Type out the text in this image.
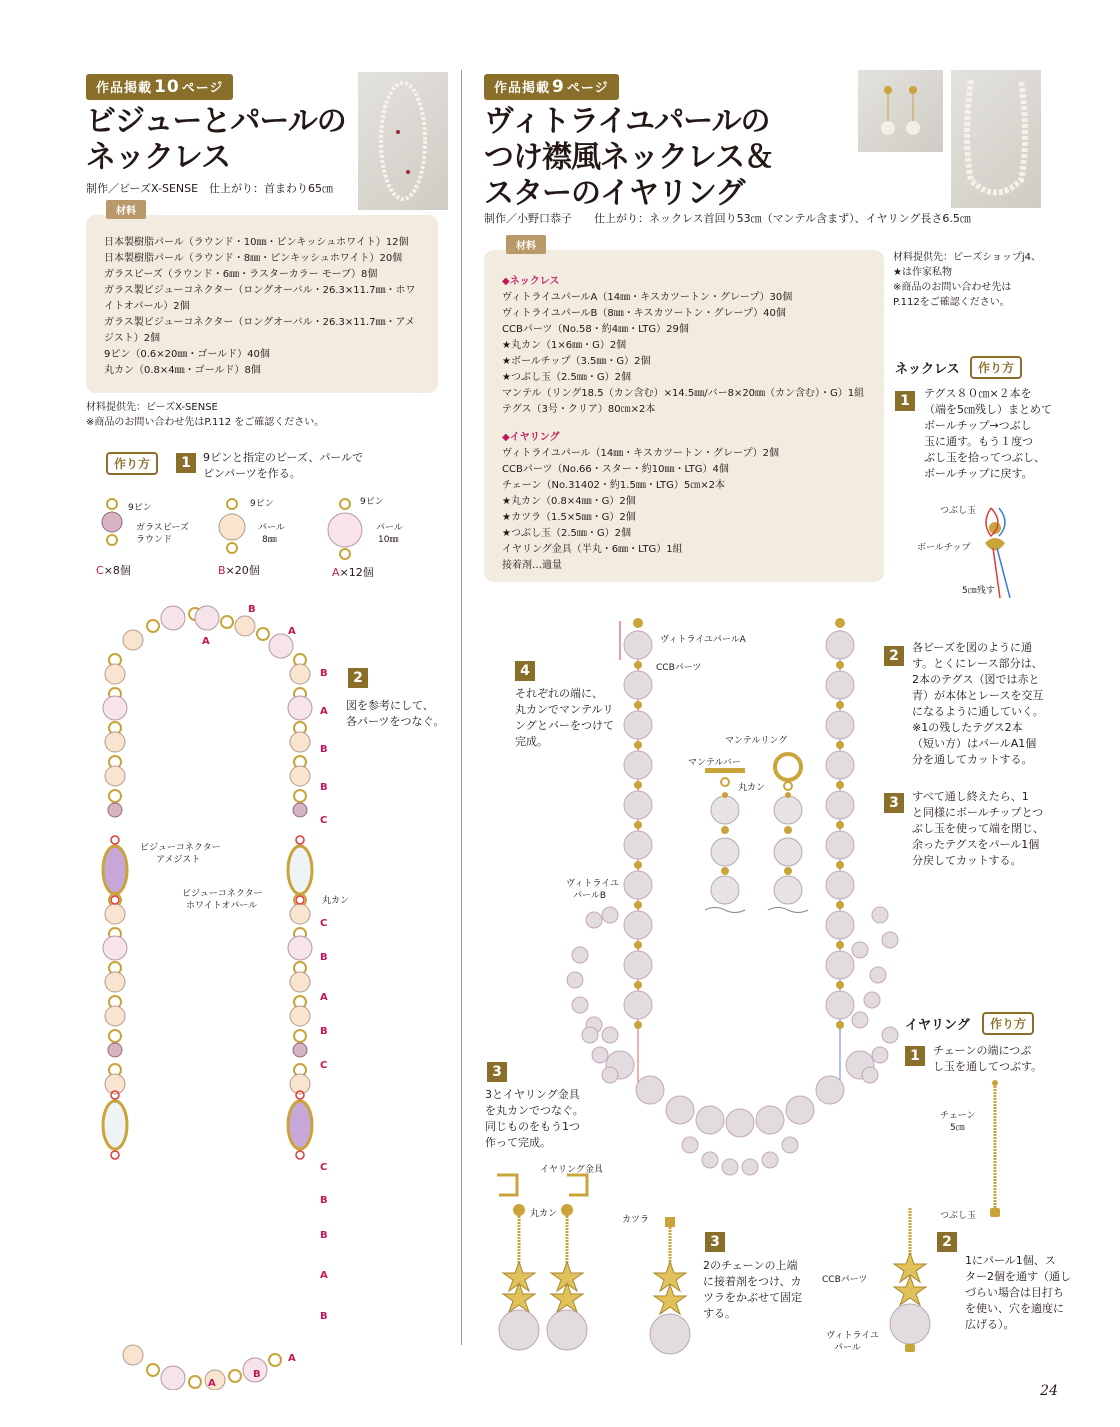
作品掲載 10 ページ
ビジューとパールの
ネックレス
制作／ビーズX-SENSE　仕上がり：首まわり65㎝
材料
日本製樹脂パール（ラウンド・10㎜・ピンキッシュホワイト）12個
日本製樹脂パール（ラウンド・8㎜・ピンキッシュホワイト）20個
ガラスビーズ（ラウンド・6㎜・ラスターカラー モーブ）8個
ガラス製ビジューコネクター（ロングオーバル・26.3×11.7㎜・ホワ
イトオパール）2個
ガラス製ビジューコネクター（ロングオーバル・26.3×11.7㎜・アメ
ジスト）2個
9ピン（0.6×20㎜・ゴールド）40個
丸カン（0.8×4㎜・ゴールド）8個
材料提供先：ビーズX-SENSE
※商品のお問い合わせ先はP.112 をご確認ください。
作り方	1	9ピンと指定のビーズ、パールで
ピンパーツを作る。
9ピン
ガラスビーズ
ラウンド
C×8個
9ピン
パール
8㎜
B×20個
9ピン
パール
10㎜
A×12個
ビジューコネクター
アメジスト
ビジューコネクター
ホワイトオパール	丸カン
2
図を参考にして、
各パーツをつなぐ。
B
A
A
B
A
B
B
C
C
B
A
B
C
C
B
B
A
B
A
A
B
作品掲載 9 ページ
ヴィトライユパールの
つけ襟風ネックレス＆
スターのイヤリング
制作／小野口恭子　　仕上がり：ネックレス首回り53㎝（マンテル含まず）、イヤリング長さ6.5㎝
材料
◆ネックレス
ヴィトライユパールA（14㎜・キスカツートン・グレープ）30個
ヴィトライユパールB（8㎜・キスカツートン・グレープ）40個
CCBパーツ（No.58・約4㎜・LTG）29個
★丸カン（1×6㎜・G）2個
★ボールチップ（3.5㎜・G）2個
★つぶし玉（2.5㎜・G）2個
マンテル（リング18.5（カン含む）×14.5㎜/バー8×20㎜（カン含む）・G）1組
テグス（3号・クリア）80㎝×2本
◆イヤリング
ヴィトライユパール（14㎜・キスカツートン・グレープ）2個
CCBパーツ（No.66・スター・約10㎜・LTG）4個
チェーン（No.31402・約1.5㎜・LTG）5㎝×2本
★丸カン（0.8×4㎜・G）2個
★カツラ（1.5×5㎜・G）2個
★つぶし玉（2.5㎜・G）2個
イヤリング金具（半丸・6㎜・LTG）1組
接着剤…適量
材料提供先：ビーズショップj4、
★は作家私物
※商品のお問い合わせ先は
P.112をご確認ください。
ネックレス	作り方
1	テグス８０㎝×２本を
（端を5㎝残し）まとめて
ボールチップ→つぶし
玉に通す。もう１度つ
ぶし玉を拾ってつぶし、
ボールチップに戻す。
つぶし玉
ボールチップ
5㎝残す
2
各ビーズを図のように通
す。とくにレース部分は、
2本のテグス（図では赤と
青）が本体とレースを交互
になるように通していく。
※1の残したテグス2本
（短い方）はパールA1個
分を通してカットする。
3	すべて通し終えたら、1
と同様にボールチップとつ
ぶし玉を使って端を閉じ、
余ったテグスをパール1個
分戻してカットする。
4
それぞれの端に、
丸カンでマンテルリ
ングとバーをつけて
完成。
ヴィトライユパールA
CCBパーツ
マンテルリング
マンテルバー
丸カン
ヴィトライユ
パールB
イヤリング	作り方
1	チェーンの端につぶ
し玉を通してつぶす。
チェーン
5㎝
つぶし玉
2
1にパール1個、ス
ター2個を通す（通し
づらい場合は目打ち
を使い、穴を適度に
広げる）。
CCBパーツ
ヴィトライユ
パール
3
2のチェーンの上端
に接着剤をつけ、カ
ツラをかぶせて固定
する。
カツラ
3
3とイヤリング金具
を丸カンでつなぐ。
同じものをもう1つ
作って完成。
イヤリング金具
丸カン
24
